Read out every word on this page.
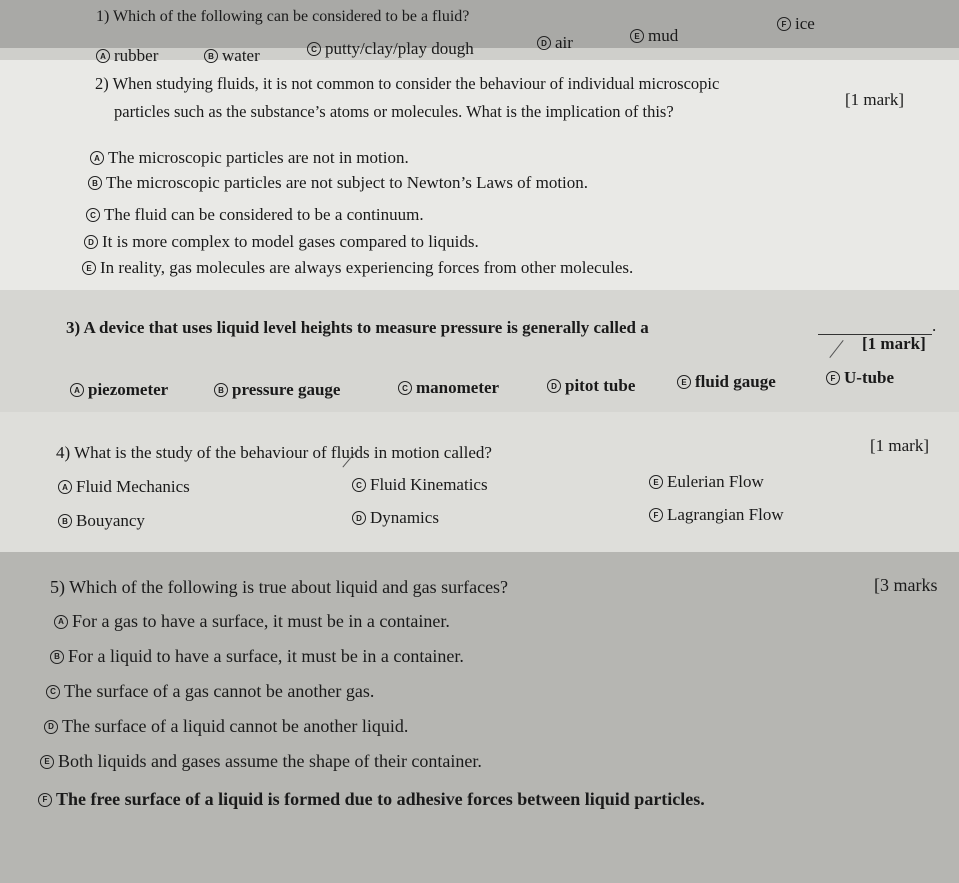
1) Which of the following can be considered to be a fluid?
A rubber	B water	C putty/clay/play dough	D air	E mud
F ice
2) When studying fluids, it is not common to consider the behaviour of individual microscopic
particles such as the substance’s atoms or molecules. What is the implication of this?
[1 mark]
A The microscopic particles are not in motion.
B The microscopic particles are not subject to Newton’s Laws of motion.
C The fluid can be considered to be a continuum.
D It is more complex to model gases compared to liquids.
E In reality, gas molecules are always experiencing forces from other molecules.
3) A device that uses liquid level heights to measure pressure is generally called a	.
[1 mark]
A piezometer	B pressure gauge	C manometer	D pitot tube	E fluid gauge	F U-tube
4) What is the study of the behaviour of fluids in motion called?	[1 mark]
A Fluid Mechanics	C Fluid Kinematics	E Eulerian Flow
B Bouyancy	D Dynamics	F Lagrangian Flow
5) Which of the following is true about liquid and gas surfaces?	[3 marks
A For a gas to have a surface, it must be in a container.
B For a liquid to have a surface, it must be in a container.
C The surface of a gas cannot be another gas.
D The surface of a liquid cannot be another liquid.
E Both liquids and gases assume the shape of their container.
F The free surface of a liquid is formed due to adhesive forces between liquid particles.
